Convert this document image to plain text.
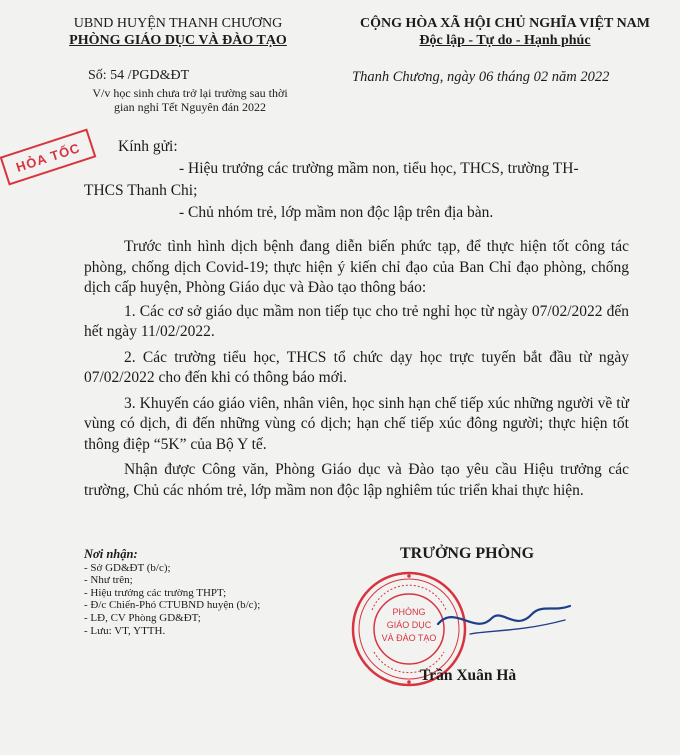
UBND HUYỆN THANH CHƯƠNG
PHÒNG GIÁO DỤC VÀ ĐÀO TẠO
Số: 54 /PGD&ĐT
V/v học sinh chưa trở lại trường sau thời
gian nghỉ Tết Nguyên đán 2022
CỘNG HÒA XÃ HỘI CHỦ NGHĨA VIỆT NAM
Độc lập - Tự do - Hạnh phúc
Thanh Chương, ngày 06 tháng 02 năm 2022
HỎA TỐC Kính gửi:
- Hiệu trưởng các trường mầm non, tiểu học, THCS, trường TH-
THCS Thanh Chi;
- Chủ nhóm trẻ, lớp mầm non độc lập trên địa bàn.

Trước tình hình dịch bệnh đang diễn biến phức tạp, để thực hiện tốt công tác phòng, chống dịch Covid-19; thực hiện ý kiến chỉ đạo của Ban Chỉ đạo phòng, chống dịch cấp huyện, Phòng Giáo dục và Đào tạo thông báo:

1. Các cơ sở giáo dục mầm non tiếp tục cho trẻ nghỉ học từ ngày 07/02/2022 đến hết ngày 11/02/2022.

2. Các trường tiểu học, THCS tổ chức dạy học trực tuyến bắt đầu từ ngày 07/02/2022 cho đến khi có thông báo mới.

3. Khuyến cáo giáo viên, nhân viên, học sinh hạn chế tiếp xúc những người về từ vùng có dịch, đi đến những vùng có dịch; hạn chế tiếp xúc đông người; thực hiện tốt thông điệp “5K” của Bộ Y tế.

Nhận được Công văn, Phòng Giáo dục và Đào tạo yêu cầu Hiệu trưởng các trường, Chủ các nhóm trẻ, lớp mầm non độc lập nghiêm túc triển khai thực hiện.

Nơi nhận:
- Sở GD&ĐT (b/c);
- Như trên;
- Hiệu trưởng các trường THPT;
- Đ/c Chiến-Phó CTUBND huyện (b/c);
- LĐ, CV Phòng GD&ĐT;
- Lưu: VT, YTTH.
TRƯỞNG PHÒNG
PHÒNG
GIÁO DỤC
VÀ ĐÀO TẠO
Trần Xuân Hà
